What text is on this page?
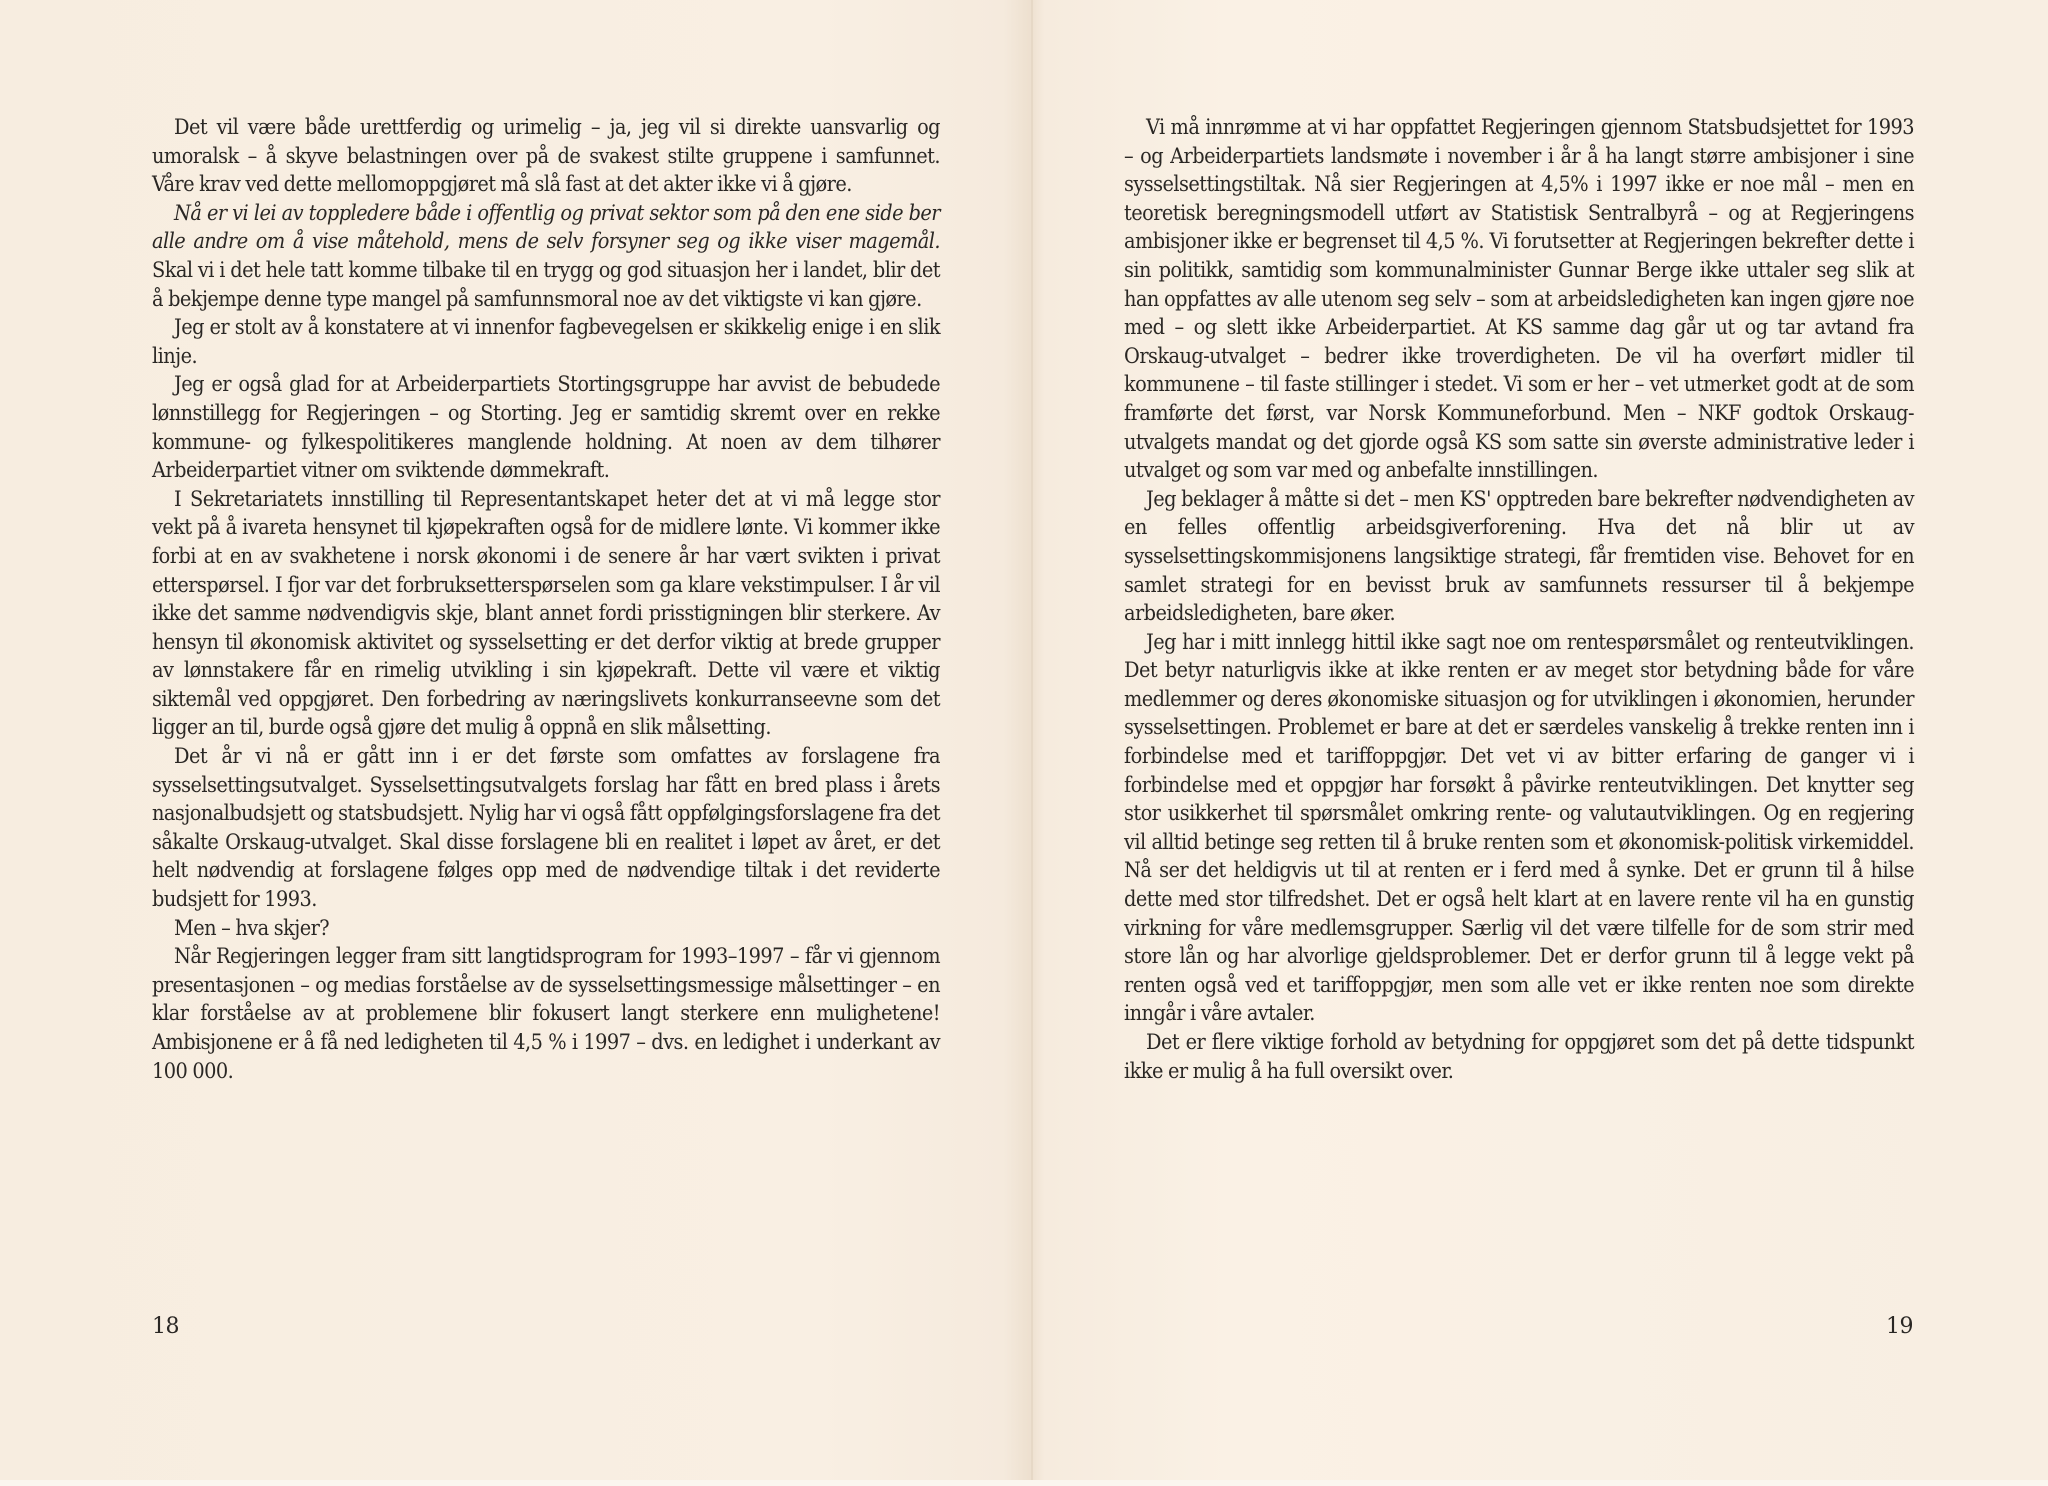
Det vil være både urettferdig og urimelig – ja, jeg vil si direkte uansvarlig og umoralsk – å skyve belastningen over på de svakest stilte gruppene i samfunnet. Våre krav ved dette mellomoppgjøret må slå fast at det akter ikke vi å gjøre.

Nå er vi lei av toppledere både i offentlig og privat sektor som på den ene side ber alle andre om å vise måtehold, mens de selv forsyner seg og ikke viser magemål. Skal vi i det hele tatt komme tilbake til en trygg og god situasjon her i landet, blir det å bekjempe denne type mangel på samfunnsmoral noe av det viktigste vi kan gjøre.

Jeg er stolt av å konstatere at vi innenfor fagbevegelsen er skikkelig enige i en slik linje.

Jeg er også glad for at Arbeiderpartiets Stortingsgruppe har avvist de bebudede lønnstillegg for Regjeringen – og Storting. Jeg er samtidig skremt over en rekke kommune- og fylkespolitikeres manglende holdning. At noen av dem tilhører Arbeiderpartiet vitner om sviktende dømmekraft.

I Sekretariatets innstilling til Representantskapet heter det at vi må legge stor vekt på å ivareta hensynet til kjøpekraften også for de midlere lønte. Vi kommer ikke forbi at en av svakhetene i norsk økonomi i de senere år har vært svikten i privat etterspørsel. I fjor var det forbruksetterspørselen som ga klare vekstimpulser. I år vil ikke det samme nødvendigvis skje, blant annet fordi prisstigningen blir sterkere. Av hensyn til økonomisk aktivitet og sysselsetting er det derfor viktig at brede grupper av lønnstakere får en rimelig utvikling i sin kjøpekraft. Dette vil være et viktig siktemål ved oppgjøret. Den forbedring av næringslivets konkurranseevne som det ligger an til, burde også gjøre det mulig å oppnå en slik målsetting.

Det år vi nå er gått inn i er det første som omfattes av forslagene fra sysselsettingsutvalget. Sysselsettingsutvalgets forslag har fått en bred plass i årets nasjonalbudsjett og statsbudsjett. Nylig har vi også fått oppfølgingsforslagene fra det såkalte Orskaug-utvalget. Skal disse forslagene bli en realitet i løpet av året, er det helt nødvendig at forslagene følges opp med de nødvendige tiltak i det reviderte budsjett for 1993.

Men – hva skjer?

Når Regjeringen legger fram sitt langtidsprogram for 1993–1997 – får vi gjennom presentasjonen – og medias forståelse av de sysselsettingsmessige målsettinger – en klar forståelse av at problemene blir fokusert langt sterkere enn mulighetene! Ambisjonene er å få ned ledigheten til 4,5 % i 1997 – dvs. en ledighet i underkant av 100 000.

18

Vi må innrømme at vi har oppfattet Regjeringen gjennom Statsbudsjettet for 1993 – og Arbeiderpartiets landsmøte i november i år å ha langt større ambisjoner i sine sysselsettingstiltak. Nå sier Regjeringen at 4,5% i 1997 ikke er noe mål – men en teoretisk beregningsmodell utført av Statistisk Sentralbyrå – og at Regjeringens ambisjoner ikke er begrenset til 4,5 %. Vi forutsetter at Regjeringen bekrefter dette i sin politikk, samtidig som kommunalminister Gunnar Berge ikke uttaler seg slik at han oppfattes av alle utenom seg selv – som at arbeidsledigheten kan ingen gjøre noe med – og slett ikke Arbeiderpartiet. At KS samme dag går ut og tar avtand fra Orskaug-utvalget – bedrer ikke troverdigheten. De vil ha overført midler til kommunene – til faste stillinger i stedet. Vi som er her – vet utmerket godt at de som framførte det først, var Norsk Kommuneforbund. Men – NKF godtok Orskaug-utvalgets mandat og det gjorde også KS som satte sin øverste administrative leder i utvalget og som var med og anbefalte innstillingen.

Jeg beklager å måtte si det – men KS' opptreden bare bekrefter nødvendigheten av en felles offentlig arbeidsgiverforening. Hva det nå blir ut av sysselsettingskommisjonens langsiktige strategi, får fremtiden vise. Behovet for en samlet strategi for en bevisst bruk av samfunnets ressurser til å bekjempe arbeidsledigheten, bare øker.

Jeg har i mitt innlegg hittil ikke sagt noe om rentespørsmålet og renteutviklingen. Det betyr naturligvis ikke at ikke renten er av meget stor betydning både for våre medlemmer og deres økonomiske situasjon og for utviklingen i økonomien, herunder sysselsettingen. Problemet er bare at det er særdeles vanskelig å trekke renten inn i forbindelse med et tariffoppgjør. Det vet vi av bitter erfaring de ganger vi i forbindelse med et oppgjør har forsøkt å påvirke renteutviklingen. Det knytter seg stor usikkerhet til spørsmålet omkring rente- og valutautviklingen. Og en regjering vil alltid betinge seg retten til å bruke renten som et økonomisk-politisk virkemiddel. Nå ser det heldigvis ut til at renten er i ferd med å synke. Det er grunn til å hilse dette med stor tilfredshet. Det er også helt klart at en lavere rente vil ha en gunstig virkning for våre medlemsgrupper. Særlig vil det være tilfelle for de som strir med store lån og har alvorlige gjeldsproblemer. Det er derfor grunn til å legge vekt på renten også ved et tariffoppgjør, men som alle vet er ikke renten noe som direkte inngår i våre avtaler.

Det er flere viktige forhold av betydning for oppgjøret som det på dette tidspunkt ikke er mulig å ha full oversikt over.

19
